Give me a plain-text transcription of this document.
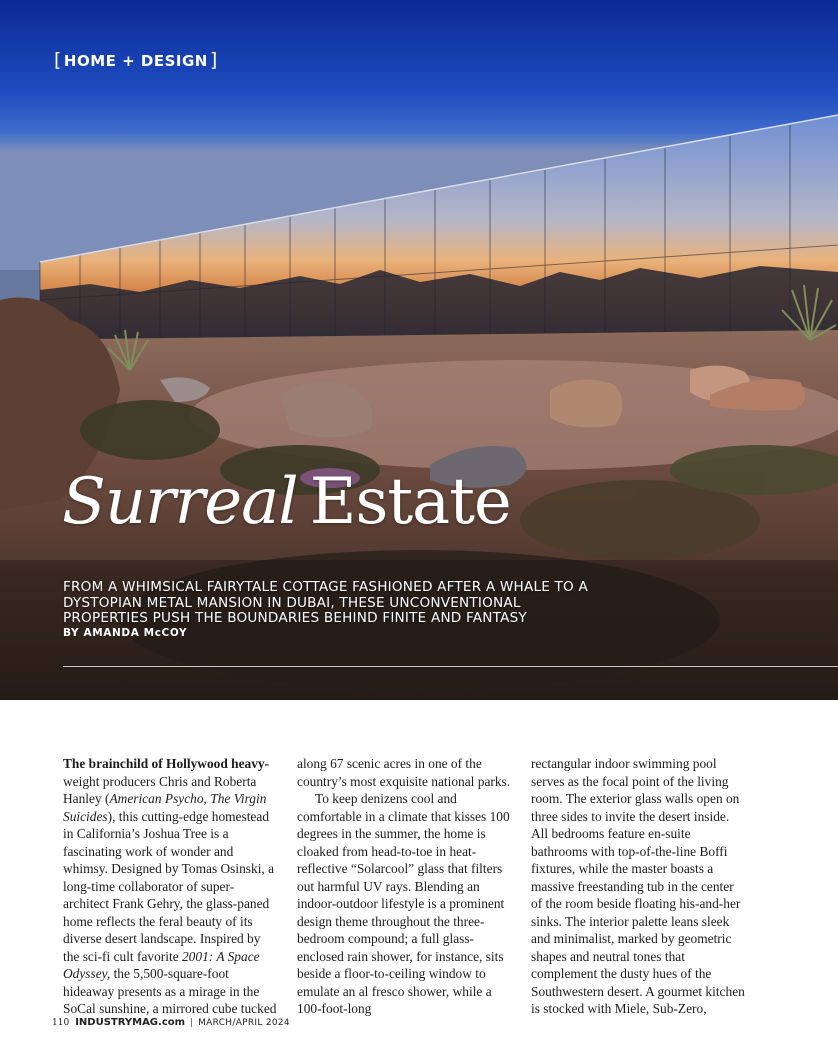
[ HOME + DESIGN ]
Surreal Estate
FROM A WHIMSICAL FAIRYTALE COTTAGE FASHIONED AFTER A WHALE TO A DYSTOPIAN METAL MANSION IN DUBAI, THESE UNCONVENTIONAL PROPERTIES PUSH THE BOUNDARIES BEHIND FINITE AND FANTASY
BY AMANDA McCOY

The brainchild of Hollywood heavy-weight producers Chris and Roberta Hanley (American Psycho, The Virgin Suicides), this cutting-edge homestead in California’s Joshua Tree is a fascinating work of wonder and whimsy. Designed by Tomas Osinski, a long-time collaborator of super-architect Frank Gehry, the glass-paned home reflects the feral beauty of its diverse desert landscape. Inspired by the sci-fi cult favorite 2001: A Space Odyssey, the 5,500-square-foot hideaway presents as a mirage in the SoCal sunshine, a mirrored cube tucked

along 67 scenic acres in one of the country’s most exquisite national parks.

To keep denizens cool and comfortable in a climate that kisses 100 degrees in the summer, the home is cloaked from head-to-toe in heat-reflective “Solarcool” glass that filters out harmful UV rays. Blending an indoor-outdoor lifestyle is a prominent design theme throughout the three-bedroom compound; a full glass-enclosed rain shower, for instance, sits beside a floor-to-ceiling window to emulate an al fresco shower, while a 100-foot-long

rectangular indoor swimming pool serves as the focal point of the living room. The exterior glass walls open on three sides to invite the desert inside. All bedrooms feature en-suite bathrooms with top-of-the-line Boffi fixtures, while the master boasts a massive freestanding tub in the center of the room beside floating his-and-her sinks. The interior palette leans sleek and minimalist, marked by geometric shapes and neutral tones that complement the dusty hues of the Southwestern desert. A gourmet kitchen is stocked with Miele, Sub-Zero,

110 INDUSTRYMAG.com | MARCH/APRIL 2024
